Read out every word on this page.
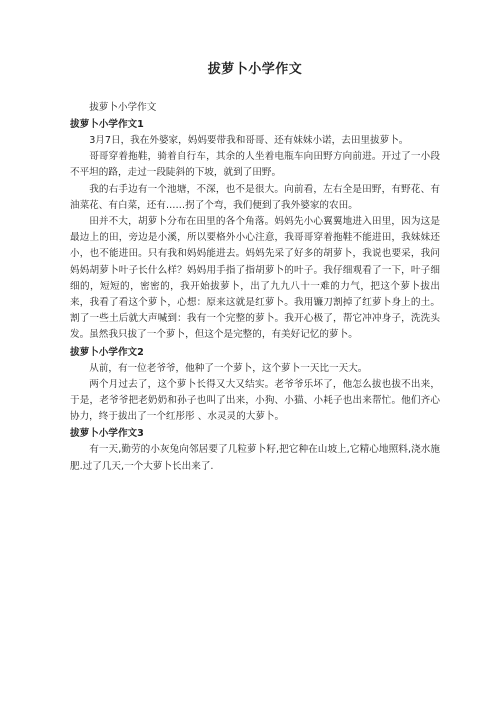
拔萝卜小学作文

拔萝卜小学作文

拔萝卜小学作文1

3月7日，我在外婆家，妈妈要带我和哥哥、还有妹妹小诺，去田里拔萝卜。

哥哥穿着拖鞋，骑着自行车，其余的人坐着电瓶车向田野方向前进。开过了一小段不平坦的路，走过一段陡斜的下坡，就到了田野。

我的右手边有一个池塘，不深，也不是很大。向前看，左右全是田野，有野花、有油菜花、有白菜，还有……拐了个弯，我们便到了我外婆家的农田。

田并不大，胡萝卜分布在田里的各个角落。妈妈先小心翼翼地进入田里，因为这是最边上的田，旁边是小溪，所以要格外小心注意，我哥哥穿着拖鞋不能进田，我妹妹还小，也不能进田。只有我和妈妈能进去。妈妈先采了好多的胡萝卜，我说也要采，我问妈妈胡萝卜叶子长什么样？妈妈用手指了指胡萝卜的叶子。我仔细观看了一下，叶子细细的，短短的，密密的，我开始拔萝卜，出了九九八十一难的力气，把这个萝卜拔出来，我看了看这个萝卜，心想：原来这就是红萝卜。我用镰刀割掉了红萝卜身上的土。割了一些土后就大声喊到：我有一个完整的萝卜。我开心极了，帮它冲冲身子，洗洗头发。虽然我只拔了一个萝卜，但这个是完整的，有美好记忆的萝卜。

拔萝卜小学作文2

从前，有一位老爷爷，他种了一个萝卜，这个萝卜一天比一天大。

两个月过去了，这个萝卜长得又大又结实。老爷爷乐坏了，他怎么拔也拔不出来，于是，老爷爷把老奶奶和孙子也叫了出来，小狗、小猫、小耗子也出来帮忙。他们齐心协力，终于拔出了一个红彤彤 、水灵灵的大萝卜。

拔萝卜小学作文3

有一天,勤劳的小灰兔向邻居要了几粒萝卜籽,把它种在山坡上,它精心地照料,浇水施肥.过了几天,一个大萝卜长出来了.
